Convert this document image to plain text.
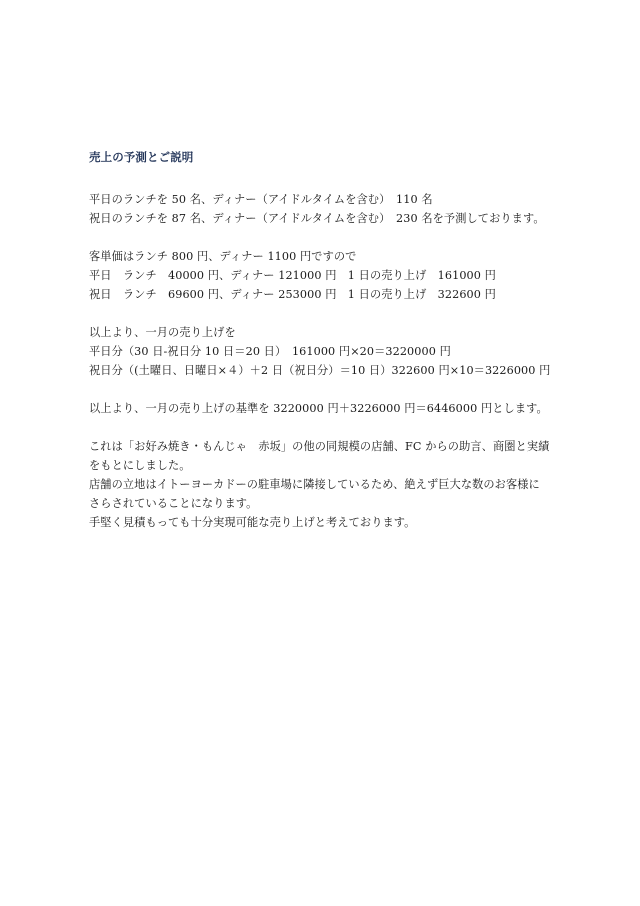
売上の予測とご説明
平日のランチを 50 名、ディナー（アイドルタイムを含む）　110 名
祝日のランチを 87 名、ディナー（アイドルタイムを含む）　230 名を予測しております。
客単価はランチ 800 円、ディナー 1100 円ですので
平日　ランチ　40000 円、ディナー 121000 円　1 日の売り上げ　161000 円
祝日　ランチ　69600 円、ディナー 253000 円　1 日の売り上げ　322600 円
以上より、一月の売り上げを
平日分（30 日‐祝日分 10 日＝20 日）　161000 円×20＝3220000 円
祝日分（(土曜日、日曜日×４）＋2 日（祝日分）＝10 日）322600 円×10＝3226000 円
以上より、一月の売り上げの基準を 3220000 円＋3226000 円＝6446000 円とします。
これは「お好み焼き・もんじゃ　赤坂」の他の同規模の店舗、FC からの助言、商圏と実績
をもとにしました。
店舗の立地はイトーヨーカドーの駐車場に隣接しているため、絶えず巨大な数のお客様に
さらされていることになります。
手堅く見積もっても十分実現可能な売り上げと考えております。
